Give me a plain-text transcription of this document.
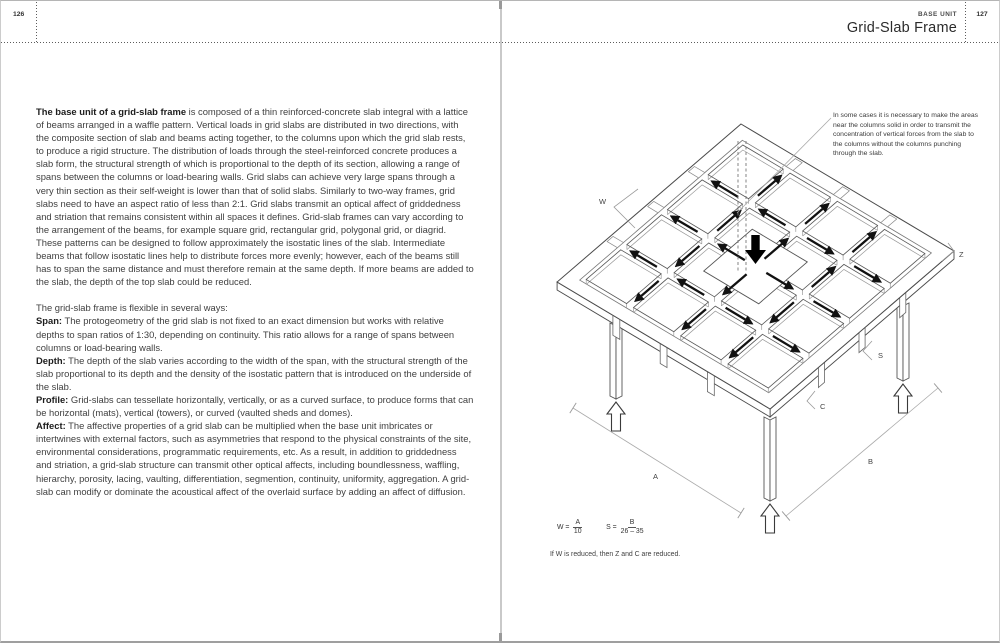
126	BASE UNIT	127
Grid-Slab Frame

The base unit of a grid-slab frame is composed of a thin reinforced-concrete slab integral with a lattice of beams arranged in a waffle pattern. Vertical loads in grid slabs are distributed in two directions, with the composite section of slab and beams acting together, to the columns upon which the grid slab rests, to produce a rigid structure. The distribution of loads through the steel-reinforced concrete produces a slab form, the structural strength of which is proportional to the depth of its section, allowing a range of spans between the columns or load-bearing walls. Grid slabs can achieve very large spans through a very thin section as their self-weight is lower than that of solid slabs. Similarly to two-way frames, grid slabs need to have an aspect ratio of less than 2:1. Grid slabs transmit an optical affect of griddedness and striation that remains consistent within all spaces it defines. Grid-slab frames can vary according to the arrangement of the beams, for example square grid, rectangular grid, polygonal grid, or diagrid. These patterns can be designed to follow approximately the isostatic lines of the slab. Intermediate beams that follow isostatic lines help to distribute forces more evenly; however, each of the beams still has to span the same distance and must therefore remain at the same depth. If more beams are added to the slab, the depth of the top slab could be reduced.

The grid-slab frame is flexible in several ways:
Span: The protogeometry of the grid slab is not fixed to an exact dimension but works with relative depths to span ratios of 1:30, depending on continuity. This ratio allows for a range of spans between columns or load-bearing walls.
Depth: The depth of the slab varies according to the width of the span, with the structural strength of the slab proportional to its depth and the density of the isostatic pattern that is introduced on the underside of the slab.
Profile: Grid-slabs can tessellate horizontally, vertically, or as a curved surface, to produce forms that can be horizontal (mats), vertical (towers), or curved (vaulted sheds and domes).
Affect: The affective properties of a grid slab can be multiplied when the base unit imbricates or intertwines with external factors, such as asymmetries that respond to the physical constraints of the site, environmental considerations, programmatic requirements, etc. As a result, in addition to griddedness and striation, a grid-slab structure can transmit other optical affects, including boundlessness, waffling, hierarchy, porosity, lacing, vaulting, differentiation, segmention, continuity, uniformity, aggregation. A grid-slab can modify or dominate the acoustical affect of the overlaid surface by adding an affect of diffusion.
A
B
W
Z
S
C
In some cases it is necessary to make the areas near the columns solid in order to transmit the concentration of vertical forces from the slab to the columns without the columns punching through the slab.
$W = \frac{A}{10}$	$S = \frac{B}{26 - 35}$
If W is reduced, then Z and C are reduced.
